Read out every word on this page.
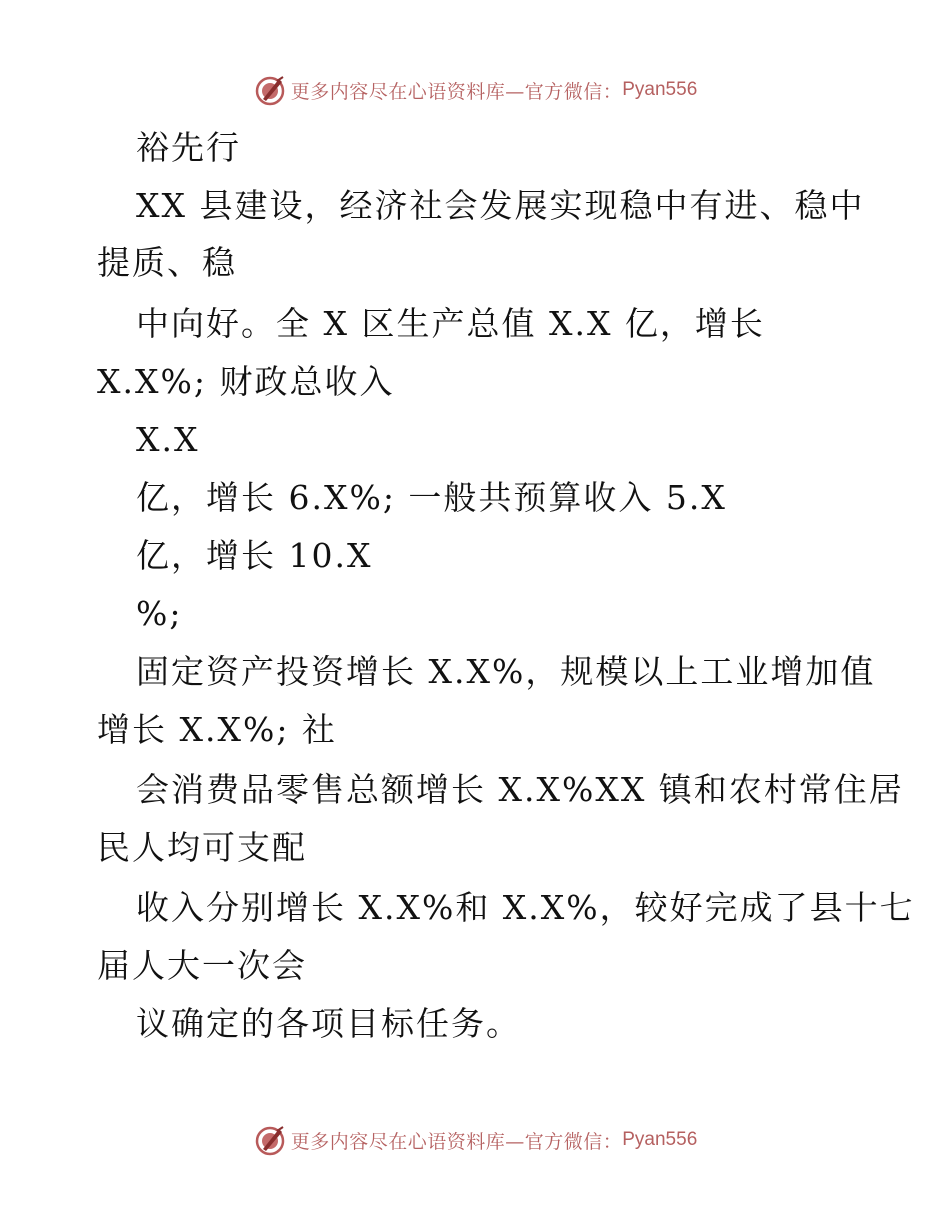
更多内容尽在心语资料库—官方微信： Pyan556
裕先行
XX 县建设，经济社会发展实现稳中有进、稳中
提质、稳
中向好。全 X 区生产总值 X.X 亿，增长
X.X%; 财政总收入
X.X
亿，增长 6.X%; 一般共预算收入 5.X
亿，增长 10.X
%;
固定资产投资增长 X.X%，规模以上工业增加值
增长 X.X%; 社
会消费品零售总额增长 X.X%XX 镇和农村常住居
民人均可支配
收入分别增长 X.X%和 X.X%，较好完成了县十七
届人大一次会
议确定的各项目标任务。
更多内容尽在心语资料库—官方微信： Pyan556
